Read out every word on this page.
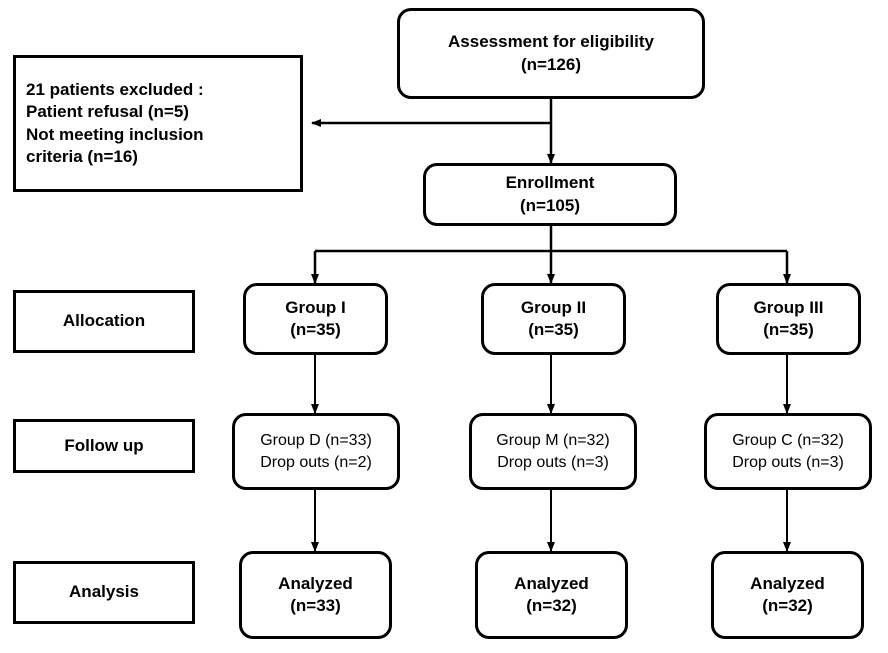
Assessment for eligibility
(n=126)
21 patients excluded :
Patient refusal (n=5)
Not meeting inclusion
criteria (n=16)
Enrollment
(n=105)
Allocation
Follow up
Analysis
Group I
(n=35)
Group II
(n=35)
Group III
(n=35)
Group D (n=33)
Drop outs (n=2)
Group M (n=32)
Drop outs (n=3)
Group C (n=32)
Drop outs (n=3)
Analyzed
(n=33)
Analyzed
(n=32)
Analyzed
(n=32)
